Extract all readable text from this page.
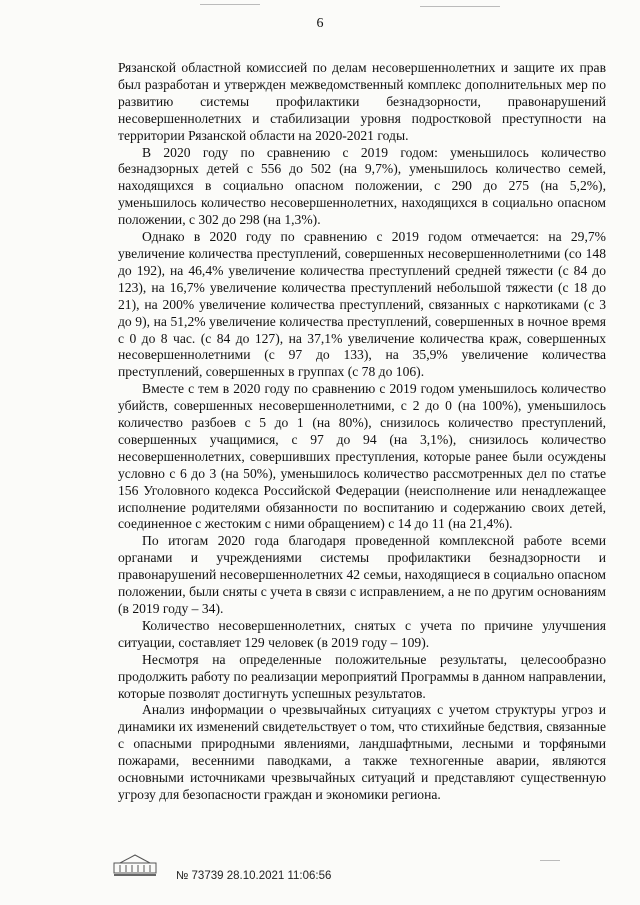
6

Рязанской областной комиссией по делам несовершеннолетних и защите их прав был разработан и утвержден межведомственный комплекс дополнительных мер по развитию системы профилактики безнадзорности, правонарушений несовершеннолетних и стабилизации уровня подростковой преступности на территории Рязанской области на 2020-2021 годы.

В 2020 году по сравнению с 2019 годом: уменьшилось количество безнадзорных детей с 556 до 502 (на 9,7%), уменьшилось количество семей, находящихся в социально опасном положении, с 290 до 275 (на 5,2%), уменьшилось количество несовершеннолетних, находящихся в социально опасном положении, с 302 до 298 (на 1,3%).

Однако в 2020 году по сравнению с 2019 годом отмечается: на 29,7% увеличение количества преступлений, совершенных несовершеннолетними (со 148 до 192), на 46,4% увеличение количества преступлений средней тяжести (с 84 до 123), на 16,7% увеличение количества преступлений небольшой тяжести (с 18 до 21), на 200% увеличение количества преступлений, связанных с наркотиками (с 3 до 9), на 51,2% увеличение количества преступлений, совершенных в ночное время с 0 до 8 час. (с 84 до 127), на 37,1% увеличение количества краж, совершенных несовершеннолетними (с 97 до 133), на 35,9% увеличение количества преступлений, совершенных в группах (с 78 до 106).

Вместе с тем в 2020 году по сравнению с 2019 годом уменьшилось количество убийств, совершенных несовершеннолетними, с 2 до 0 (на 100%), уменьшилось количество разбоев с 5 до 1 (на 80%), снизилось количество преступлений, совершенных учащимися, с 97 до 94 (на 3,1%), снизилось количество несовершеннолетних, совершивших преступления, которые ранее были осуждены условно с 6 до 3 (на 50%), уменьшилось количество рассмотренных дел по статье 156 Уголовного кодекса Российской Федерации (неисполнение или ненадлежащее исполнение родителями обязанности по воспитанию и содержанию своих детей, соединенное с жестоким с ними обращением) с 14 до 11 (на 21,4%).

По итогам 2020 года благодаря проведенной комплексной работе всеми органами и учреждениями системы профилактики безнадзорности и правонарушений несовершеннолетних 42 семьи, находящиеся в социально опасном положении, были сняты с учета в связи с исправлением, а не по другим основаниям (в 2019 году – 34).

Количество несовершеннолетних, снятых с учета по причине улучшения ситуации, составляет 129 человек (в 2019 году – 109).

Несмотря на определенные положительные результаты, целесообразно продолжить работу по реализации мероприятий Программы в данном направлении, которые позволят достигнуть успешных результатов.

Анализ информации о чрезвычайных ситуациях с учетом структуры угроз и динамики их изменений свидетельствует о том, что стихийные бедствия, связанные с опасными природными явлениями, ландшафтными, лесными и торфяными пожарами, весенними паводками, а также техногенные аварии, являются основными источниками чрезвычайных ситуаций и представляют существенную угрозу для безопасности граждан и экономики региона.

№ 73739 28.10.2021 11:06:56
